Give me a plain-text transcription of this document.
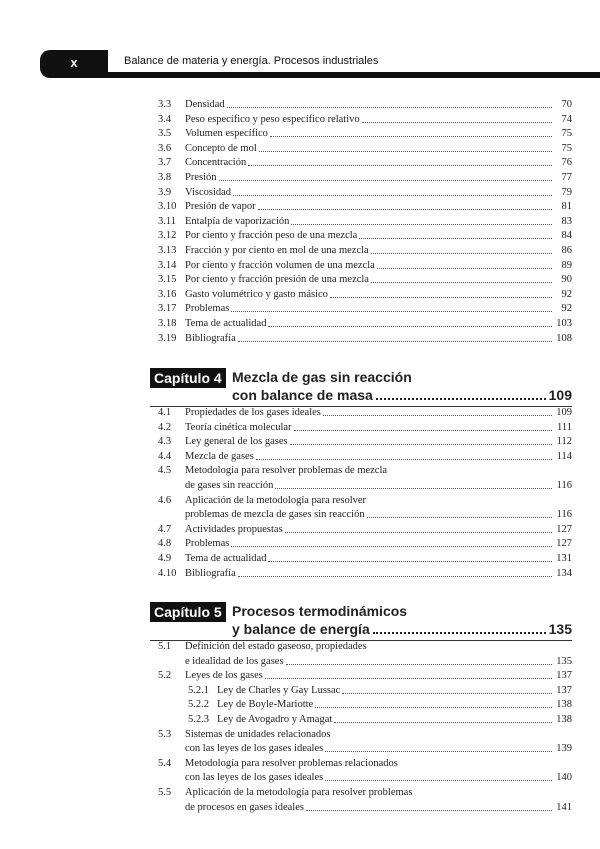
x	Balance de materia y energía. Procesos industriales
3.3 Densidad	70
3.4 Peso específico y peso específico relativo	74
3.5 Volumen específico	75
3.6 Concepto de mol	75
3.7 Concentración	76
3.8 Presión	77
3.9 Viscosidad	79
3.10 Presión de vapor	81
3.11 Entalpía de vaporización	83
3.12 Por ciento y fracción peso de una mezcla	84
3.13 Fracción y por ciento en mol de una mezcla	86
3.14 Por ciento y fracción volumen de una mezcla	89
3.15 Por ciento y fracción presión de una mezcla	90
3.16 Gasto volumétrico y gasto másico	92
3.17 Problemas	92
3.18 Tema de actualidad	103
3.19 Bibliografía	108
4.1 Propiedades de los gases ideales	109
4.2 Teoría cinética molecular	111
4.3 Ley general de los gases	112
4.4 Mezcla de gases	114
4.5 Metodología para resolver problemas de mezcla
de gases sin reacción	116
4.6 Aplicación de la metodología para resolver
problemas de mezcla de gases sin reacción	116
4.7 Actividades propuestas	127
4.8 Problemas	127
4.9 Tema de actualidad	131
4.10 Bibliografía	134
5.1 Definición del estado gaseoso, propiedades
e idealidad de los gases	135
5.2 Leyes de los gases	137
5.2.1 Ley de Charles y Gay Lussac	137
5.2.2 Ley de Boyle-Mariotte	138
5.2.3 Ley de Avogadro y Amagat	138
5.3 Sistemas de unidades relacionados
con las leyes de los gases ideales	139
5.4 Metodología para resolver problemas relacionados
con las leyes de los gases ideales	140
5.5 Aplicación de la metodología para resolver problemas
de procesos en gases ideales	141
Capítulo 4 Mezcla de gas sin reacción
con balance de masa	109
Capítulo 5 Procesos termodinámicos
y balance de energía	135
